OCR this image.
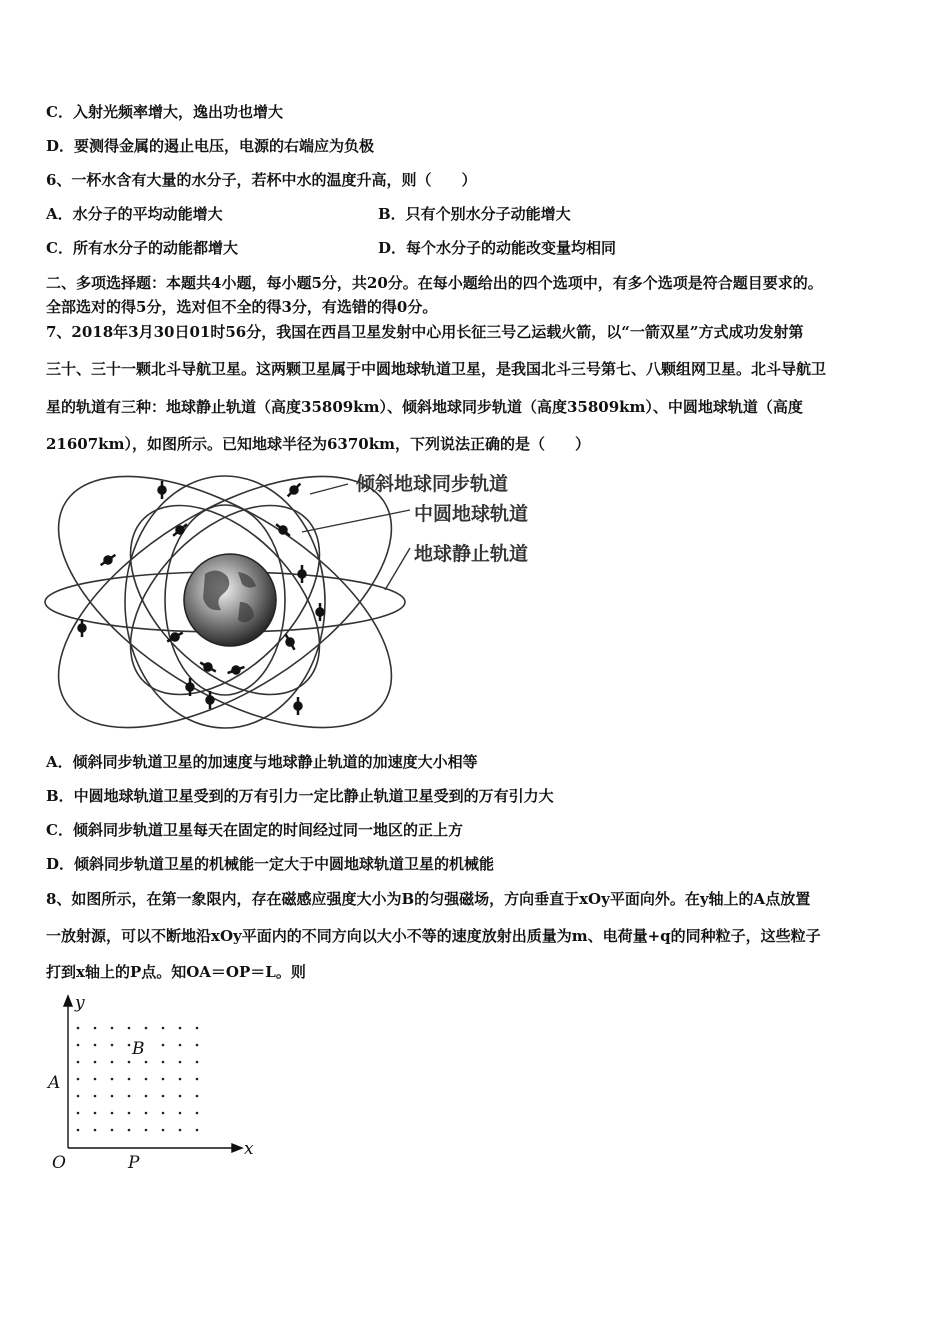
C．入射光频率增大，逸出功也增大
D．要测得金属的遏止电压，电源的右端应为负极
6、一杯水含有大量的水分子，若杯中水的温度升高，则（　　）
A．水分子的平均动能增大	B．只有个别水分子动能增大
C．所有水分子的动能都增大	D．每个水分子的动能改变量均相同
二、多项选择题：本题共4小题，每小题5分，共20分。在每小题给出的四个选项中，有多个选项是符合题目要求的。
全部选对的得5分，选对但不全的得3分，有选错的得0分。
7、2018年3月30日01时56分，我国在西昌卫星发射中心用长征三号乙运载火箭，以“一箭双星”方式成功发射第
三十、三十一颗北斗导航卫星。这两颗卫星属于中圆地球轨道卫星，是我国北斗三号第七、八颗组网卫星。北斗导航卫
星的轨道有三种：地球静止轨道（高度35809km）、倾斜地球同步轨道（高度35809km）、中圆地球轨道（高度
21607km），如图所示。已知地球半径为6370km，下列说法正确的是（　　）
倾斜地球同步轨道
中圆地球轨道
地球静止轨道
A．倾斜同步轨道卫星的加速度与地球静止轨道的加速度大小相等
B．中圆地球轨道卫星受到的万有引力一定比静止轨道卫星受到的万有引力大
C．倾斜同步轨道卫星每天在固定的时间经过同一地区的正上方
D．倾斜同步轨道卫星的机械能一定大于中圆地球轨道卫星的机械能
8、如图所示，在第一象限内，存在磁感应强度大小为B的匀强磁场，方向垂直于xOy平面向外。在y轴上的A点放置
一放射源，可以不断地沿xOy平面内的不同方向以大小不等的速度放射出质量为m、电荷量+q的同种粒子，这些粒子
打到x轴上的P点。知OA＝OP＝L。则
y
x
O
A
P
B
